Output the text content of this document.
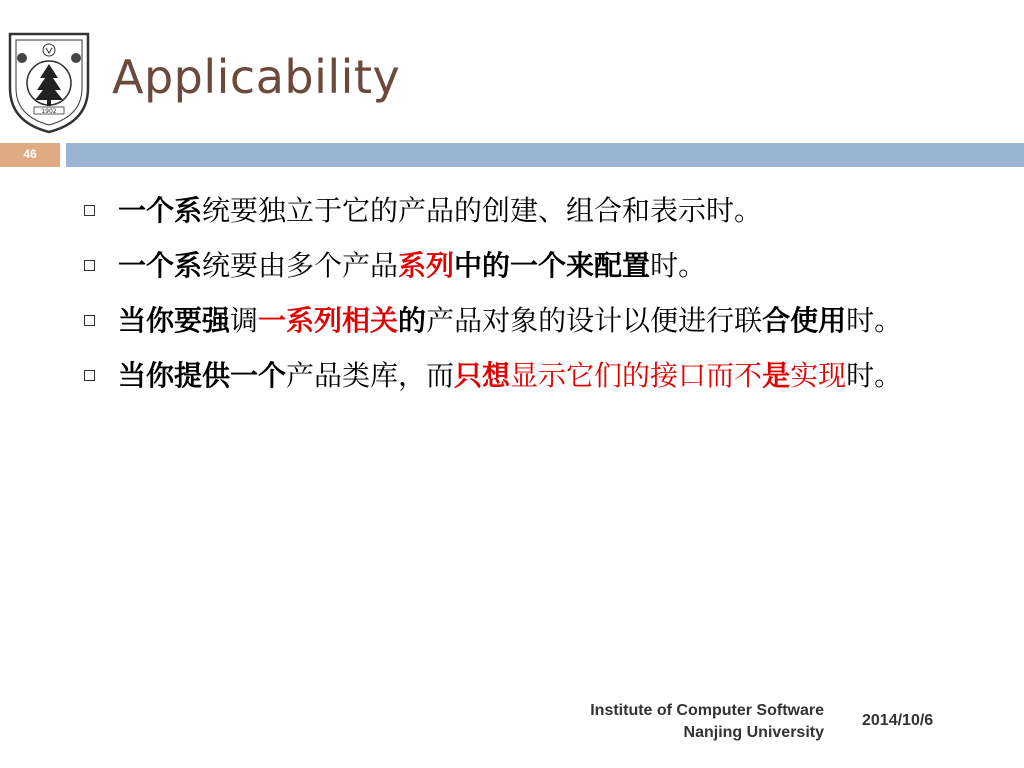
1902
Applicability
46
一个系统要独立于它的产品的创建、组合和表示时。
一个系统要由多个产品系列中的一个来配置时。
当你要强调一系列相关的产品对象的设计以便进行联合使用时。
当你提供一个产品类库，而只想显示它们的接口而不是实现时。
Institute of Computer Software
Nanjing University
2014/10/6
